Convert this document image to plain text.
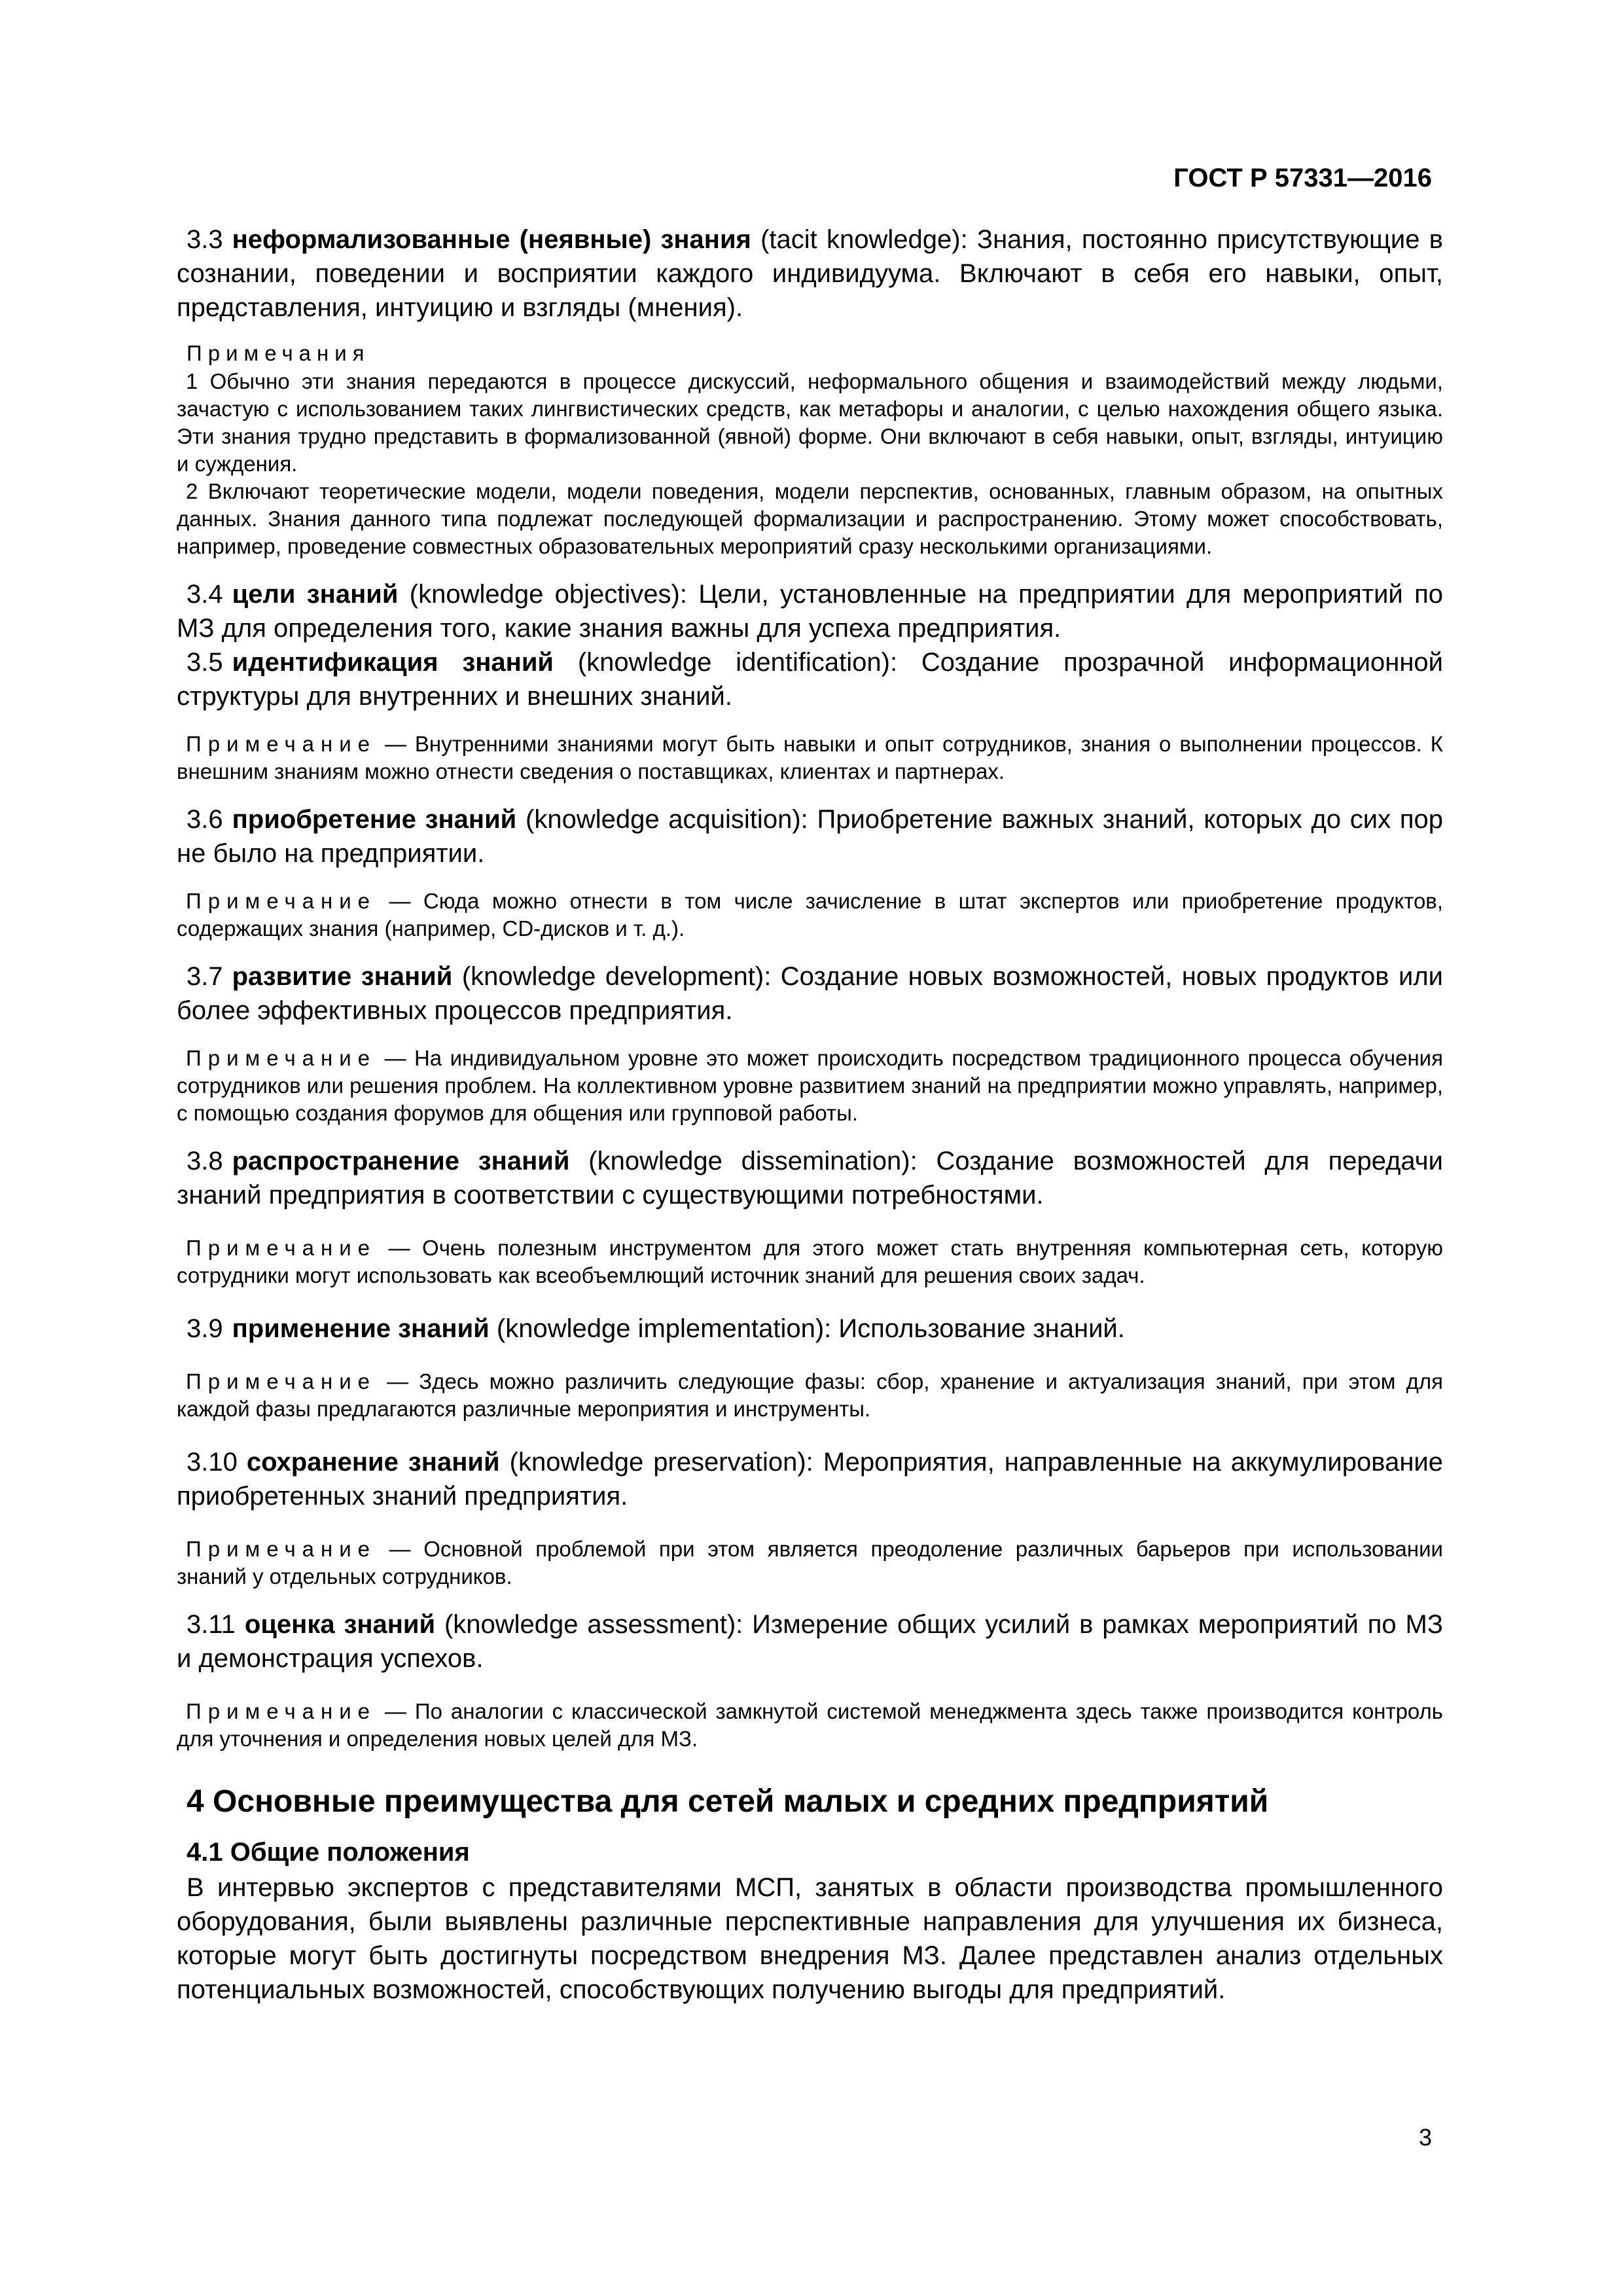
ГОСТ Р 57331—2016

3.3 неформализованные (неявные) знания (tacit knowledge): Знания, постоянно присутствующие в сознании, поведении и восприятии каждого индивидуума. Включают в себя его навыки, опыт, представления, интуицию и взгляды (мнения).

Примечания

1 Обычно эти знания передаются в процессе дискуссий, неформального общения и взаимодействий между людьми, зачастую с использованием таких лингвистических средств, как метафоры и аналогии, с целью нахождения общего языка. Эти знания трудно представить в формализованной (явной) форме. Они включают в себя навыки, опыт, взгляды, интуицию и суждения.

2 Включают теоретические модели, модели поведения, модели перспектив, основанных, главным образом, на опытных данных. Знания данного типа подлежат последующей формализации и распространению. Этому может способствовать, например, проведение совместных образовательных мероприятий сразу несколькими организациями.

3.4 цели знаний (knowledge objectives): Цели, установленные на предприятии для мероприятий по МЗ для определения того, какие знания важны для успеха предприятия.

3.5 идентификация знаний (knowledge identification): Создание прозрачной информационной структуры для внутренних и внешних знаний.

Примечание — Внутренними знаниями могут быть навыки и опыт сотрудников, знания о выполнении процессов. К внешним знаниям можно отнести сведения о поставщиках, клиентах и партнерах.

3.6 приобретение знаний (knowledge acquisition): Приобретение важных знаний, которых до сих пор не было на предприятии.

Примечание — Сюда можно отнести в том числе зачисление в штат экспертов или приобретение продуктов, содержащих знания (например, CD-дисков и т. д.).

3.7 развитие знаний (knowledge development): Создание новых возможностей, новых продуктов или более эффективных процессов предприятия.

Примечание — На индивидуальном уровне это может происходить посредством традиционного процесса обучения сотрудников или решения проблем. На коллективном уровне развитием знаний на предприятии можно управлять, например, с помощью создания форумов для общения или групповой работы.

3.8 распространение знаний (knowledge dissemination): Создание возможностей для передачи знаний предприятия в соответствии с существующими потребностями.

Примечание — Очень полезным инструментом для этого может стать внутренняя компьютерная сеть, которую сотрудники могут использовать как всеобъемлющий источник знаний для решения своих задач.

3.9 применение знаний (knowledge implementation): Использование знаний.

Примечание — Здесь можно различить следующие фазы: сбор, хранение и актуализация знаний, при этом для каждой фазы предлагаются различные мероприятия и инструменты.

3.10 сохранение знаний (knowledge preservation): Мероприятия, направленные на аккумулирование приобретенных знаний предприятия.

Примечание — Основной проблемой при этом является преодоление различных барьеров при использовании знаний у отдельных сотрудников.

3.11 оценка знаний (knowledge assessment): Измерение общих усилий в рамках мероприятий по МЗ и демонстрация успехов.

Примечание — По аналогии с классической замкнутой системой менеджмента здесь также производится контроль для уточнения и определения новых целей для МЗ.

4 Основные преимущества для сетей малых и средних предприятий
4.1 Общие положения

В интервью экспертов с представителями МСП, занятых в области производства промышленного оборудования, были выявлены различные перспективные направления для улучшения их бизнеса, которые могут быть достигнуты посредством внедрения МЗ. Далее представлен анализ отдельных потенциальных возможностей, способствующих получению выгоды для предприятий.

3
